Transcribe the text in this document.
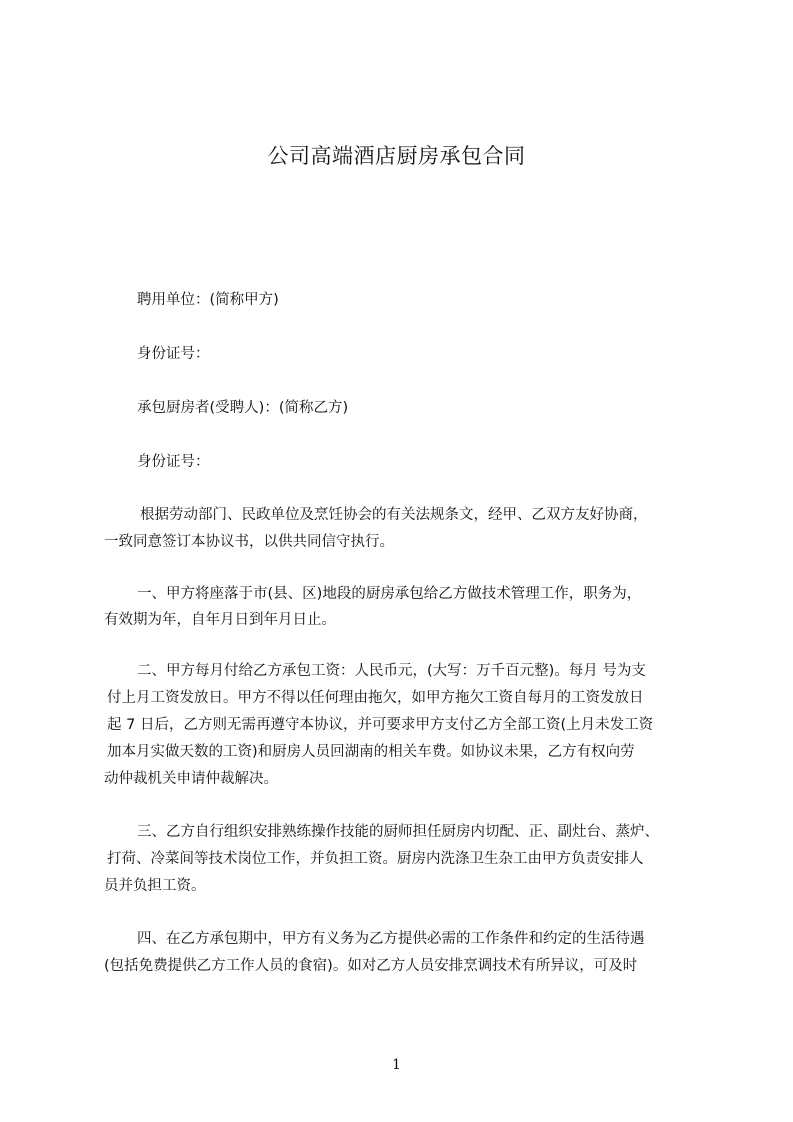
公司高端酒店厨房承包合同
聘用单位：(简称甲方)
身份证号：
承包厨房者(受聘人)：(简称乙方)
身份证号：
根据劳动部门、民政单位及烹饪协会的有关法规条文，经甲、乙双方友好协商，
一致同意签订本协议书，以供共同信守执行。
一、甲方将座落于市(县、区)地段的厨房承包给乙方做技术管理工作，职务为，
有效期为年，自年月日到年月日止。
二、甲方每月付给乙方承包工资：人民币元，(大写：万千百元整)。每月 号为支
付上月工资发放日。甲方不得以任何理由拖欠，如甲方拖欠工资自每月的工资发放日
起 7 日后，乙方则无需再遵守本协议，并可要求甲方支付乙方全部工资(上月未发工资
加本月实做天数的工资)和厨房人员回湖南的相关车费。如协议未果，乙方有权向劳
动仲裁机关申请仲裁解决。
三、乙方自行组织安排熟练操作技能的厨师担任厨房内切配、正、副灶台、蒸炉、
打荷、冷菜间等技术岗位工作，并负担工资。厨房内洗涤卫生杂工由甲方负责安排人
员并负担工资。
四、在乙方承包期中，甲方有义务为乙方提供必需的工作条件和约定的生活待遇
(包括免费提供乙方工作人员的食宿)。如对乙方人员安排烹调技术有所异议，可及时
1
